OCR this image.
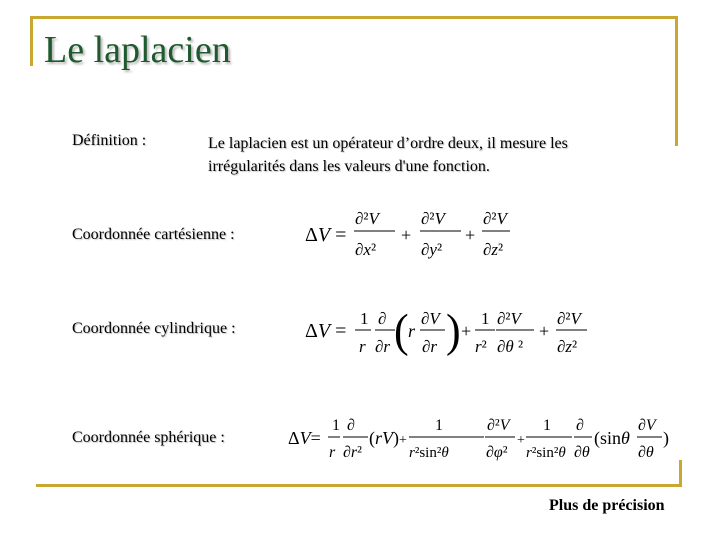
Le laplacien
Définition :	Le laplacien est un opérateur d’ordre deux, il mesure les irrégularités dans les valeurs d'une fonction.
Coordonnée cartésienne :
Coordonnée cylindrique :
Coordonnée sphérique :
ΔV =
∂²V
∂x²
+
∂²V
∂y²
+
∂²V
∂z²
ΔV =
1
r
∂
∂r ( r
∂V
∂r ) +
1
r²
∂²V
∂θ ²
+
∂²V
∂z²
ΔV=
1
r
∂
∂r²
(rV) +
1
r²sin²θ
∂²V
∂φ²
+
1
r²sin²θ
∂
∂θ
(sinθ
∂V
∂θ
)
Plus de précision
